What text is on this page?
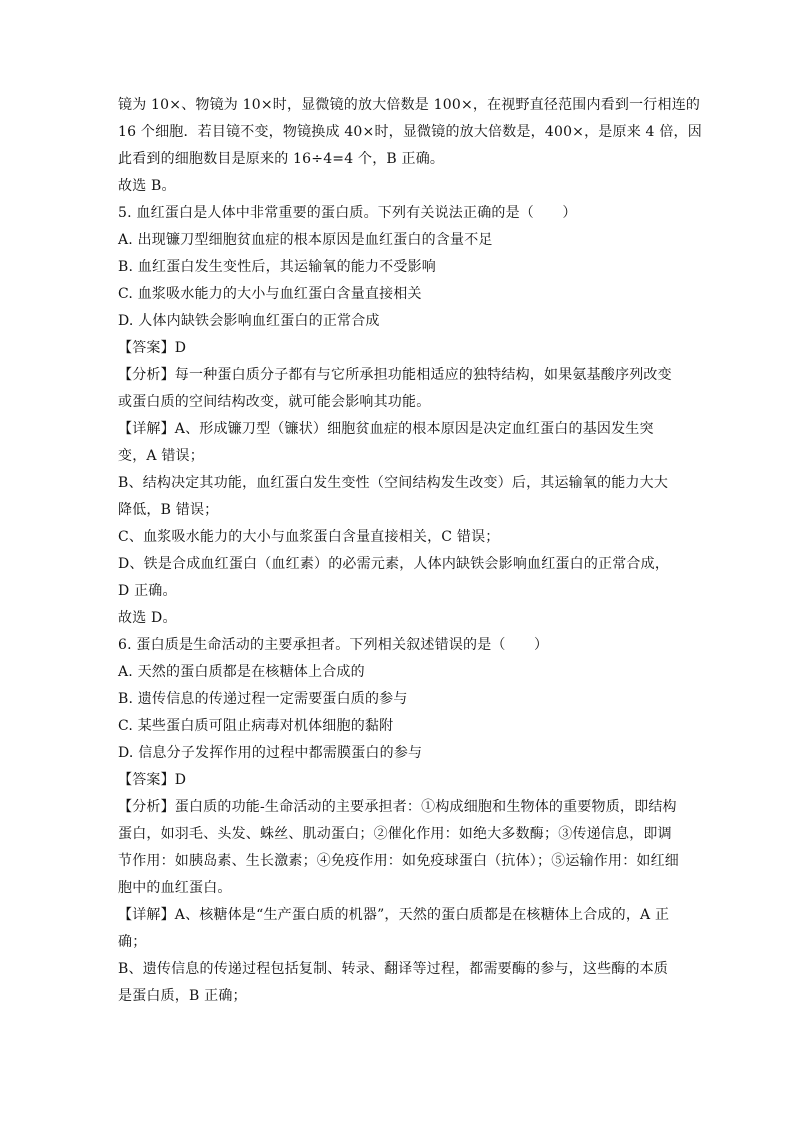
镜为 10×、物镜为 10×时，显微镜的放大倍数是 100×，在视野直径范围内看到一行相连的
16 个细胞．若目镜不变，物镜换成 40×时，显微镜的放大倍数是，400×，是原来 4 倍，因
此看到的细胞数目是原来的 16÷4=4 个，B 正确。
故选 B。
5. 血红蛋白是人体中非常重要的蛋白质。下列有关说法正确的是（　　）
A. 出现镰刀型细胞贫血症的根本原因是血红蛋白的含量不足
B. 血红蛋白发生变性后，其运输氧的能力不受影响
C. 血浆吸水能力的大小与血红蛋白含量直接相关
D. 人体内缺铁会影响血红蛋白的正常合成
【答案】D
【分析】每一种蛋白质分子都有与它所承担功能相适应的独特结构，如果氨基酸序列改变
或蛋白质的空间结构改变，就可能会影响其功能。
【详解】A、形成镰刀型（镰状）细胞贫血症的根本原因是决定血红蛋白的基因发生突
变，A 错误；
B、结构决定其功能，血红蛋白发生变性（空间结构发生改变）后，其运输氧的能力大大
降低，B 错误；
C、血浆吸水能力的大小与血浆蛋白含量直接相关，C 错误；
D、铁是合成血红蛋白（血红素）的必需元素，人体内缺铁会影响血红蛋白的正常合成，
D 正确。
故选 D。
6. 蛋白质是生命活动的主要承担者。下列相关叙述错误的是（　　）
A. 天然的蛋白质都是在核糖体上合成的
B. 遗传信息的传递过程一定需要蛋白质的参与
C. 某些蛋白质可阻止病毒对机体细胞的黏附
D. 信息分子发挥作用的过程中都需膜蛋白的参与
【答案】D
【分析】蛋白质的功能-生命活动的主要承担者：①构成细胞和生物体的重要物质，即结构
蛋白，如羽毛、头发、蛛丝、肌动蛋白；②催化作用：如绝大多数酶；③传递信息，即调
节作用：如胰岛素、生长激素；④免疫作用：如免疫球蛋白（抗体）；⑤运输作用：如红细
胞中的血红蛋白。
【详解】A、核糖体是“生产蛋白质的机器”，天然的蛋白质都是在核糖体上合成的，A 正
确；
B、遗传信息的传递过程包括复制、转录、翻译等过程，都需要酶的参与，这些酶的本质
是蛋白质，B 正确；
